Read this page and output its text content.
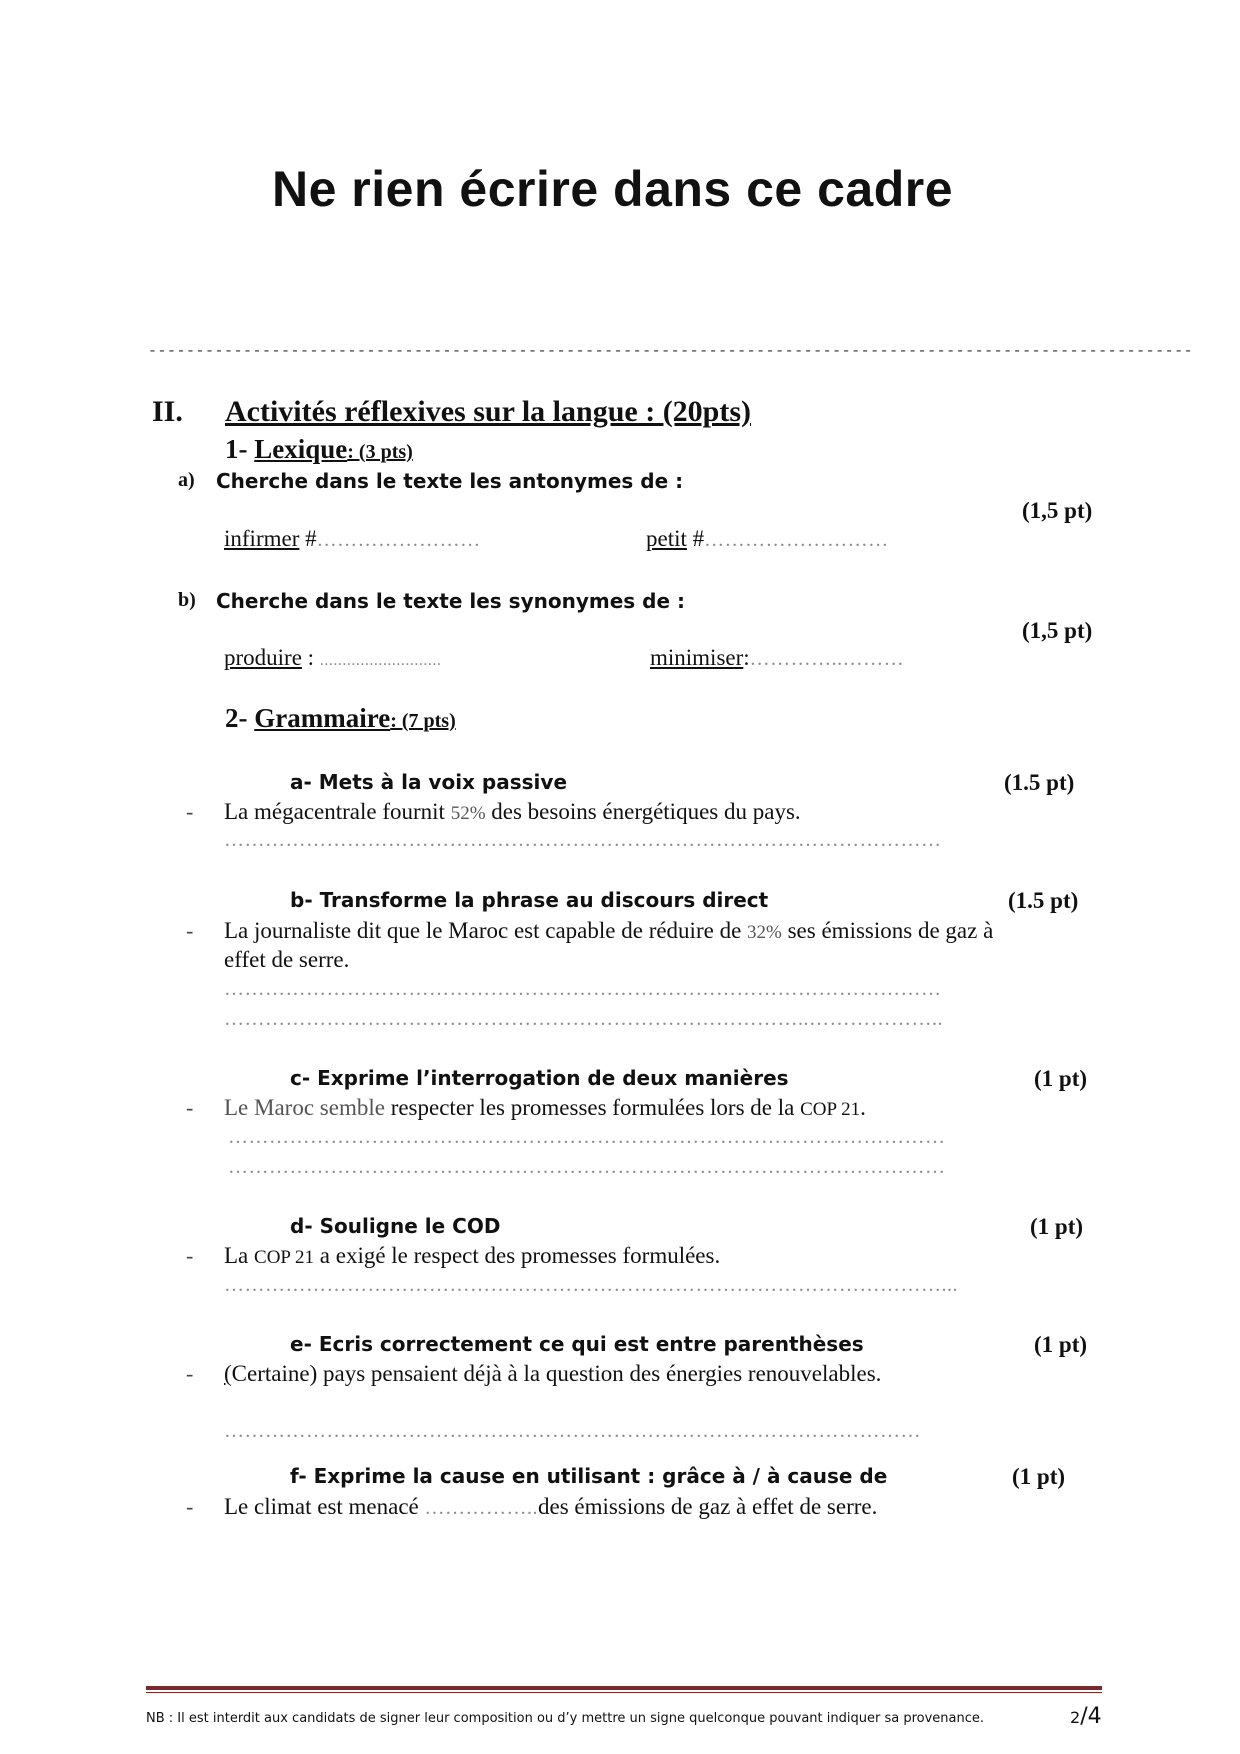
Ne rien écrire dans ce cadre
--------------------------------------------------------------------------------------------------------------
II. Activités réflexives sur la langue : (20pts)
1- Lexique: (3 pts)
a) Cherche dans le texte les antonymes de :
(1,5 pt)
infirmer #……………………	petit #………………………
b) Cherche dans le texte les synonymes de :
(1,5 pt)
produire : ...........................	minimiser:…………..………
2- Grammaire: (7 pts)
a- Mets à la voix passive	(1.5 pt)
- La mégacentrale fournit 52% des besoins énergétiques du pays.
……………………………………………………………………………………………
b- Transforme la phrase au discours direct	(1.5 pt)
- La journaliste dit que le Maroc est capable de réduire de 32% ses émissions de gaz à
effet de serre.
……………………………………………………………………………………………
…………………………………………………………………………..………………..
c- Exprime l’interrogation de deux manières	(1 pt)
- Le Maroc semble respecter les promesses formulées lors de la COP 21.
……………………………………………………………………………………………
……………………………………………………………………………………………
d- Souligne le COD	(1 pt)
- La COP 21 a exigé le respect des promesses formulées.
……………………………………………………………………………………………...
e- Ecris correctement ce qui est entre parenthèses	(1 pt)
- (Certaine) pays pensaient déjà à la question des énergies renouvelables.
…………………………………………………………………………………………
f- Exprime la cause en utilisant : grâce à / à cause de	(1 pt)
- Le climat est menacé ……………..des émissions de gaz à effet de serre.
NB : Il est interdit aux candidats de signer leur composition ou d’y mettre un signe quelconque pouvant indiquer sa provenance.	2/4
